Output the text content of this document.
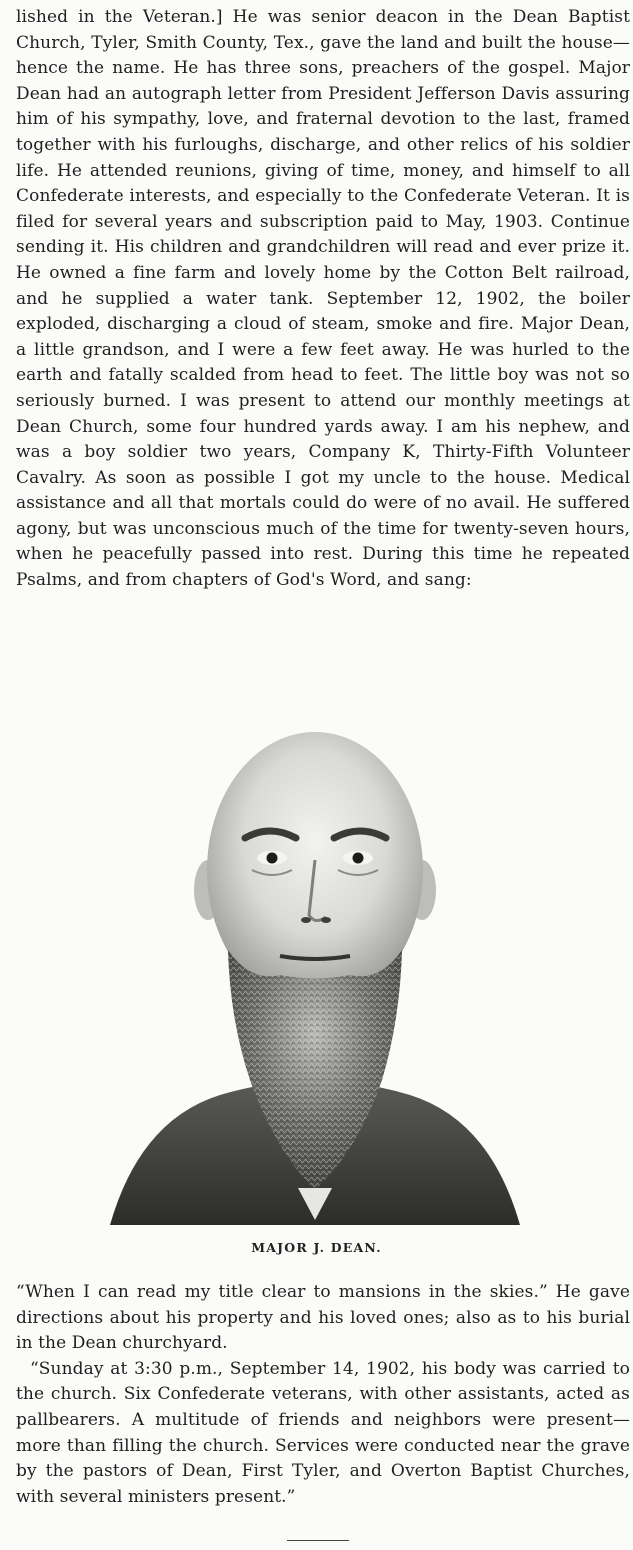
lished in the Veteran.] He was senior deacon in the Dean Baptist Church, Tyler, Smith County, Tex., gave the land and built the house—hence the name. He has three sons, preachers of the gospel. Major Dean had an autograph letter from President Jefferson Davis assuring him of his sympathy, love, and fraternal devotion to the last, framed together with his furloughs, discharge, and other relics of his soldier life. He attended reunions, giving of time, money, and himself to all Confederate interests, and especially to the Confederate Veteran. It is filed for several years and subscription paid to May, 1903. Continue sending it. His children and grandchildren will read and ever prize it. He owned a fine farm and lovely home by the Cotton Belt railroad, and he supplied a water tank. September 12, 1902, the boiler exploded, discharging a cloud of steam, smoke and fire. Major Dean, a little grandson, and I were a few feet away. He was hurled to the earth and fatally scalded from head to feet. The little boy was not so seriously burned. I was present to attend our monthly meetings at Dean Church, some four hundred yards away. I am his nephew, and was a boy soldier two years, Company K, Thirty-Fifth Volunteer Cavalry. As soon as possible I got my uncle to the house. Medical assistance and all that mortals could do were of no avail. He suffered agony, but was unconscious much of the time for twenty-seven hours, when he peacefully passed into rest. During this time he repeated Psalms, and from chapters of God's Word, and sang:

MAJOR J. DEAN.

“When I can read my title clear to mansions in the skies.” He gave directions about his property and his loved ones; also as to his burial in the Dean churchyard.

“Sunday at 3:30 p.m., September 14, 1902, his body was carried to the church. Six Confederate veterans, with other assistants, acted as pallbearers. A multitude of friends and neighbors were present—more than filling the church. Services were conducted near the grave by the pastors of Dean, First Tyler, and Overton Baptist Churches, with several ministers present.”
